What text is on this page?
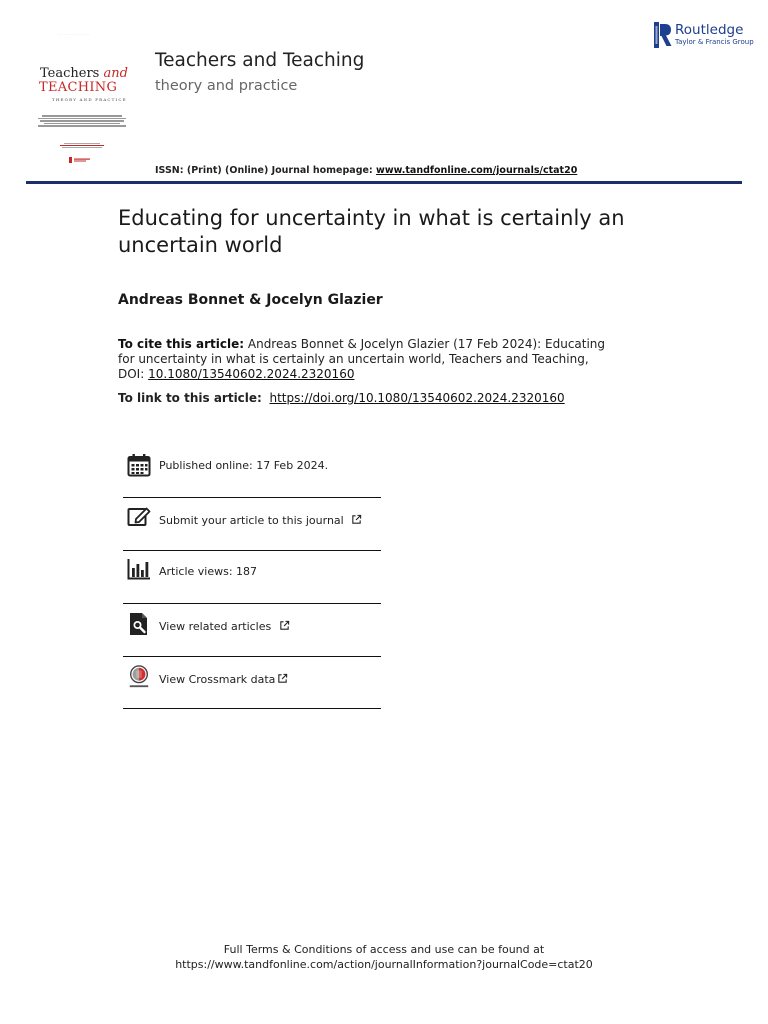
· · · · · · · · · · · · · · · · ·
Teachers and
TEACHING
THEORY AND PRACTICE
· · · · ·
Teachers and Teaching
theory and practice
ISSN: (Print) (Online) Journal homepage: www.tandfonline.com/journals/ctat20
Routledge
Taylor & Francis Group
Educating for uncertainty in what is certainly an uncertain world
Andreas Bonnet & Jocelyn Glazier
To cite this article: Andreas Bonnet & Jocelyn Glazier (17 Feb 2024): Educating for uncertainty in what is certainly an uncertain world, Teachers and Teaching, DOI: 10.1080/13540602.2024.2320160
To link to this article: https://doi.org/10.1080/13540602.2024.2320160
Published online: 17 Feb 2024.
Submit your article to this journal
Article views: 187
View related articles
View Crossmark data
Full Terms & Conditions of access and use can be found at
https://www.tandfonline.com/action/journalInformation?journalCode=ctat20
